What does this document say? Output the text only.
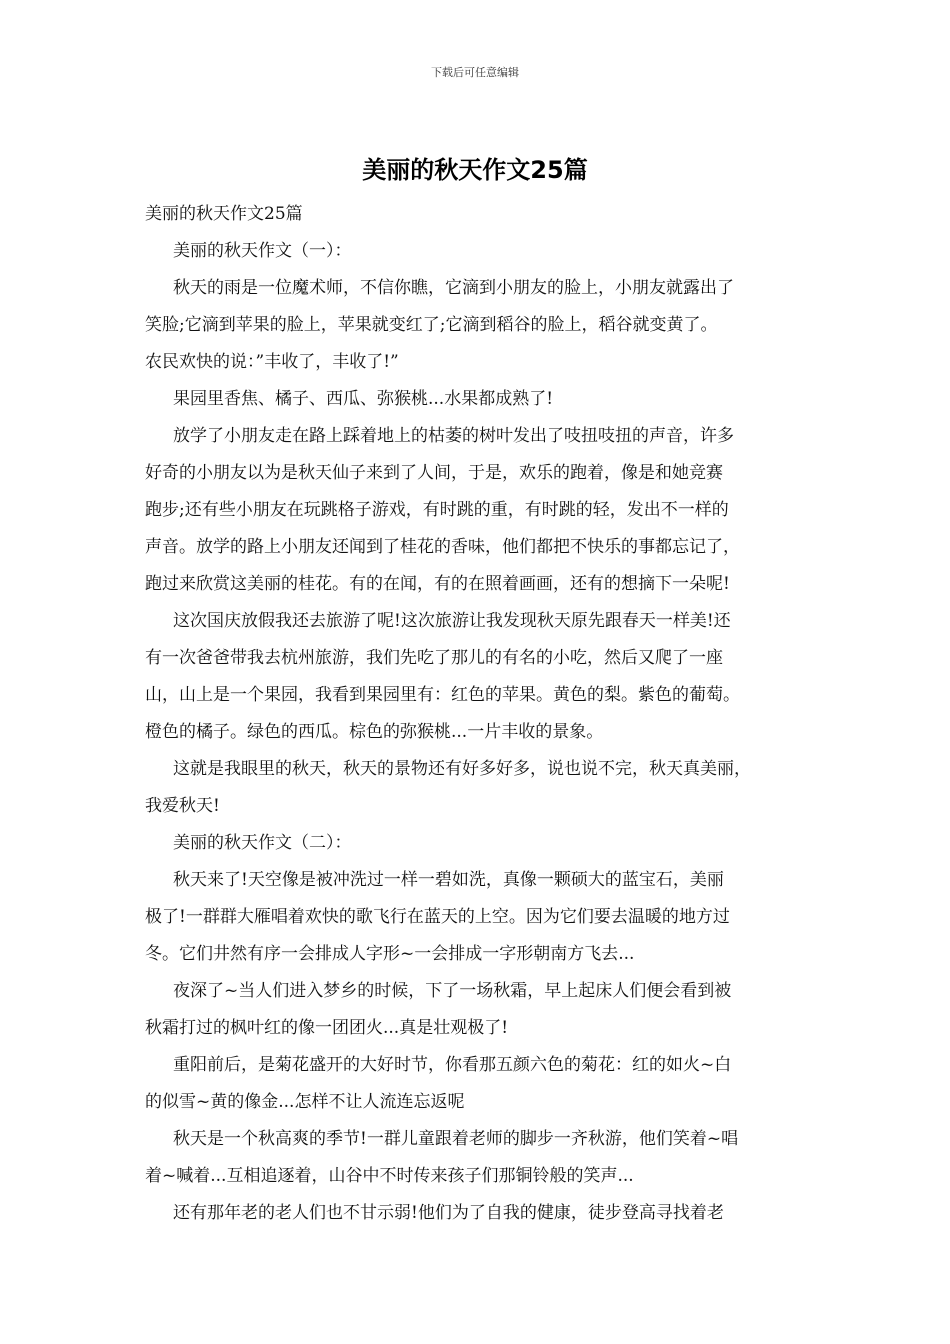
下载后可任意编辑
美丽的秋天作文25篇

美丽的秋天作文25篇

美丽的秋天作文（一）：

秋天的雨是一位魔术师，不信你瞧，它滴到小朋友的脸上，小朋友就露出了

笑脸;它滴到苹果的脸上，苹果就变红了;它滴到稻谷的脸上，稻谷就变黄了。

农民欢快的说：”丰收了，丰收了!”

果园里香焦、橘子、西瓜、弥猴桃...水果都成熟了!

放学了小朋友走在路上踩着地上的枯萎的树叶发出了吱扭吱扭的声音，许多

好奇的小朋友以为是秋天仙子来到了人间，于是，欢乐的跑着，像是和她竞赛

跑步;还有些小朋友在玩跳格子游戏，有时跳的重，有时跳的轻，发出不一样的

声音。放学的路上小朋友还闻到了桂花的香味，他们都把不快乐的事都忘记了，

跑过来欣赏这美丽的桂花。有的在闻，有的在照着画画，还有的想摘下一朵呢!

这次国庆放假我还去旅游了呢!这次旅游让我发现秋天原先跟春天一样美!还

有一次爸爸带我去杭州旅游，我们先吃了那儿的有名的小吃，然后又爬了一座

山，山上是一个果园，我看到果园里有：红色的苹果。黄色的梨。紫色的葡萄。

橙色的橘子。绿色的西瓜。棕色的弥猴桃...一片丰收的景象。

这就是我眼里的秋天，秋天的景物还有好多好多，说也说不完，秋天真美丽，

我爱秋天!

美丽的秋天作文（二）：

秋天来了!天空像是被冲洗过一样一碧如洗，真像一颗硕大的蓝宝石，美丽

极了!一群群大雁唱着欢快的歌飞行在蓝天的上空。因为它们要去温暖的地方过

冬。它们井然有序一会排成人字形~一会排成一字形朝南方飞去...

夜深了~当人们进入梦乡的时候，下了一场秋霜，早上起床人们便会看到被

秋霜打过的枫叶红的像一团团火...真是壮观极了!

重阳前后，是菊花盛开的大好时节，你看那五颜六色的菊花：红的如火~白

的似雪~黄的像金...怎样不让人流连忘返呢

秋天是一个秋高爽的季节!一群儿童跟着老师的脚步一齐秋游，他们笑着~唱

着~喊着...互相追逐着，山谷中不时传来孩子们那铜铃般的笑声...

还有那年老的老人们也不甘示弱!他们为了自我的健康，徒步登高寻找着老
